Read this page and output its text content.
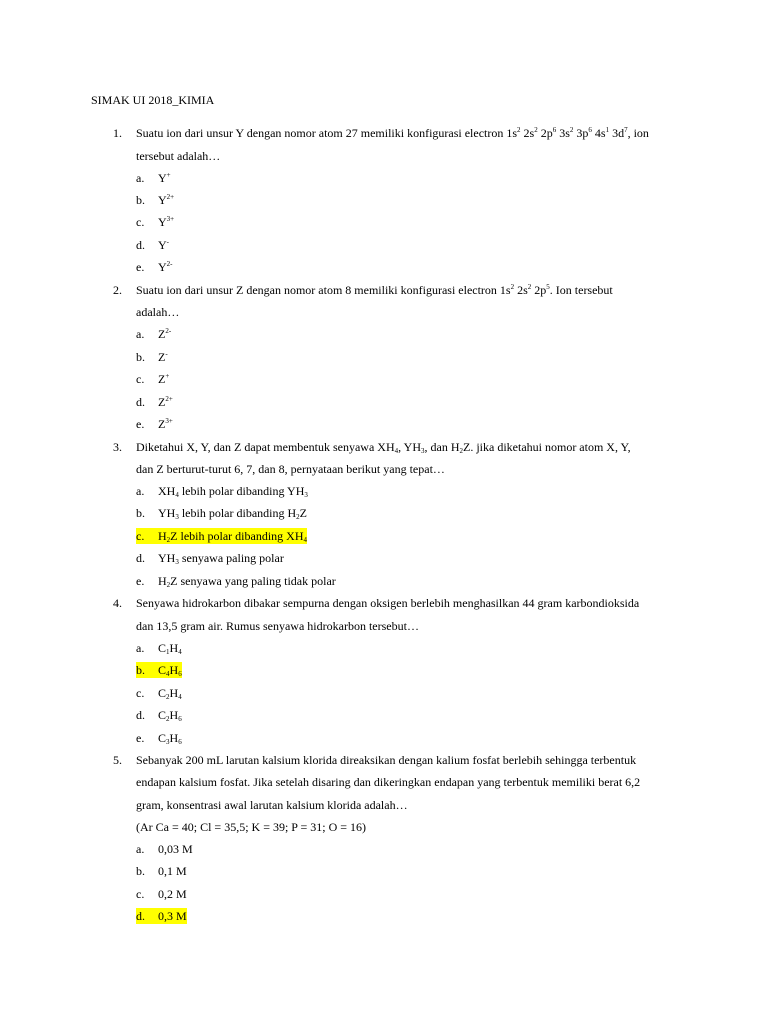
SIMAK UI 2018_KIMIA
1. Suatu ion dari unsur Y dengan nomor atom 27 memiliki konfigurasi electron $1s^2$ $2s^2$ $2p^6$ $3s^2$ $3p^6$ $4s^1$ $3d^7$, ion
tersebut adalah…
a. Y+
b. $Y^{2+}$
c. $Y^{3+}$
d. Y-
e. $Y^{2-}$
2. Suatu ion dari unsur Z dengan nomor atom 8 memiliki konfigurasi electron $1s^2$ $2s^2$ $2p^5$. Ion tersebut
adalah…
a. $Z^{2-}$
b. Z-
c. Z+
d. $Z^{2+}$
e. $Z^{3+}$
3. Diketahui X, Y, dan Z dapat membentuk senyawa $XH_4$, $YH_3$, dan $H_2Z$. jika diketahui nomor atom X, Y,
dan Z berturut-turut 6, 7, dan 8, pernyataan berikut yang tepat…
a. $XH_4$ lebih polar dibanding $YH_3$
b. $YH_3$ lebih polar dibanding $H_2Z$
c. $H_2Z$ lebih polar dibanding $XH_4$
d. $YH_3$ senyawa paling polar
e. $H_2Z$ senyawa yang paling tidak polar
4. Senyawa hidrokarbon dibakar sempurna dengan oksigen berlebih menghasilkan 44 gram karbondioksida
dan 13,5 gram air. Rumus senyawa hidrokarbon tersebut…
a. $C_1H_4$
b. $C_4H_6$
c. $C_2H_4$
d. $C_2H_6$
e. $C_3H_6$
5. Sebanyak 200 mL larutan kalsium klorida direaksikan dengan kalium fosfat berlebih sehingga terbentuk
endapan kalsium fosfat. Jika setelah disaring dan dikeringkan endapan yang terbentuk memiliki berat 6,2
gram, konsentrasi awal larutan kalsium klorida adalah…
(Ar Ca = 40; Cl = 35,5; K = 39; P = 31; O = 16)
a. 0,03 M
b. 0,1 M
c. 0,2 M
d. 0,3 M
